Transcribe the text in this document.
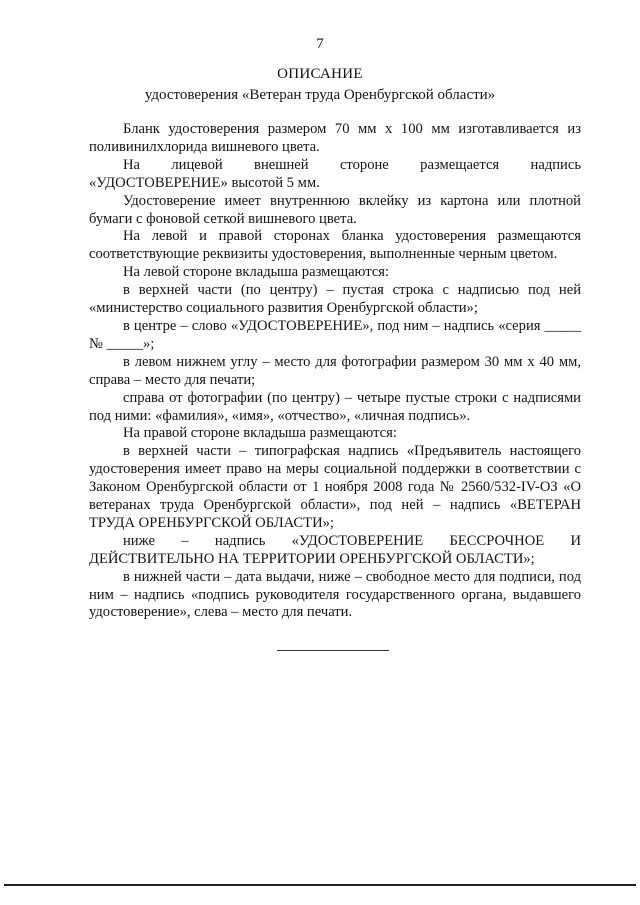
7
ОПИСАНИЕ
удостоверения «Ветеран труда Оренбургской области»

Бланк удостоверения размером 70 мм х 100 мм изготавливается из поливинилхлорида вишневого цвета.

На лицевой внешней стороне размещается надпись «УДОСТОВЕРЕНИЕ» высотой 5 мм.

Удостоверение имеет внутреннюю вклейку из картона или плотной бумаги с фоновой сеткой вишневого цвета.

На левой и правой сторонах бланка удостоверения размещаются соответствующие реквизиты удостоверения, выполненные черным цветом.

На левой стороне вкладыша размещаются:

в верхней части (по центру) – пустая строка с надписью под ней «министерство социального развития Оренбургской области»;

в центре – слово «УДОСТОВЕРЕНИЕ», под ним – надпись «серия _____ № _____»;

в левом нижнем углу – место для фотографии размером 30 мм х 40 мм, справа – место для печати;

справа от фотографии (по центру) – четыре пустые строки с надписями под ними: «фамилия», «имя», «отчество», «личная подпись».

На правой стороне вкладыша размещаются:

в верхней части – типографская надпись «Предъявитель настоящего удостоверения имеет право на меры социальной поддержки в соответствии с Законом Оренбургской области от 1 ноября 2008 года № 2560/532-IV-ОЗ «О ветеранах труда Оренбургской области», под ней – надпись «ВЕТЕРАН ТРУДА ОРЕНБУРГСКОЙ ОБЛАСТИ»;

ниже – надпись «УДОСТОВЕРЕНИЕ БЕССРОЧНОЕ И ДЕЙСТВИТЕЛЬНО НА ТЕРРИТОРИИ ОРЕНБУРГСКОЙ ОБЛАСТИ»;

в нижней части – дата выдачи, ниже – свободное место для подписи, под ним – надпись «подпись руководителя государственного органа, выдавшего удостоверение», слева – место для печати.
